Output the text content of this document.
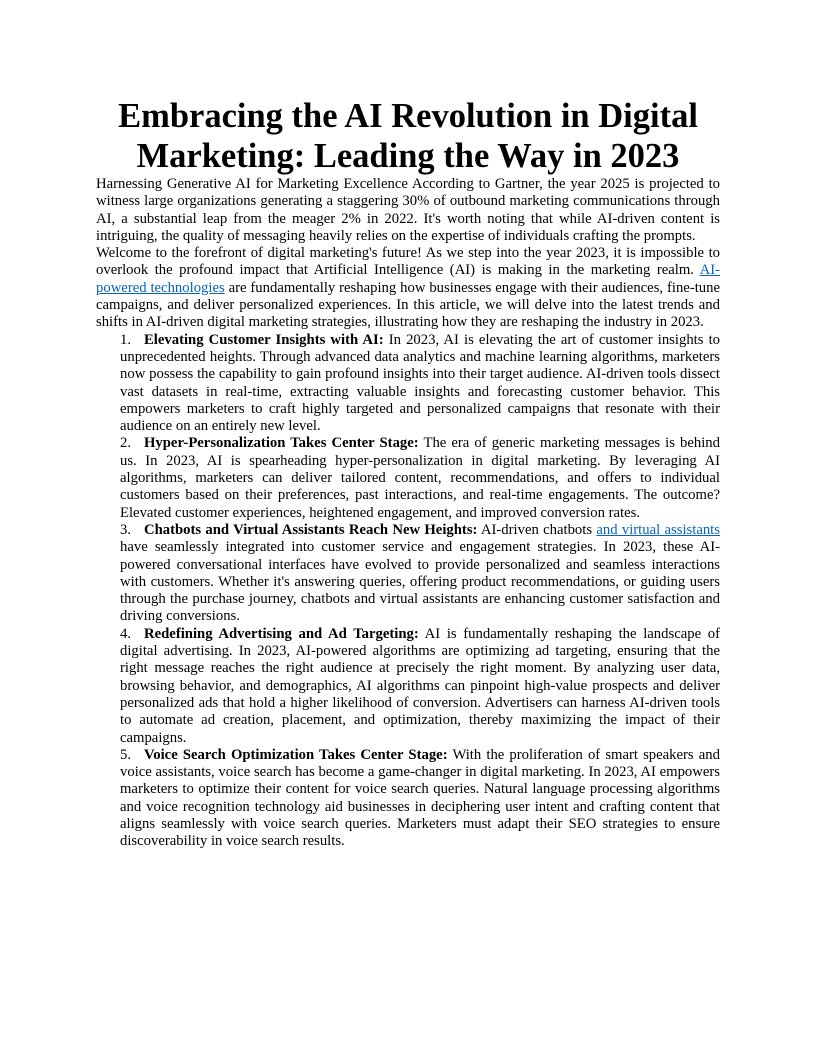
Embracing the AI Revolution in Digital Marketing: Leading the Way in 2023

Harnessing Generative AI for Marketing Excellence According to Gartner, the year 2025 is projected to witness large organizations generating a staggering 30% of outbound marketing communications through AI, a substantial leap from the meager 2% in 2022. It's worth noting that while AI-driven content is intriguing, the quality of messaging heavily relies on the expertise of individuals crafting the prompts.

Welcome to the forefront of digital marketing's future! As we step into the year 2023, it is impossible to overlook the profound impact that Artificial Intelligence (AI) is making in the marketing realm. AI-powered technologies are fundamentally reshaping how businesses engage with their audiences, fine-tune campaigns, and deliver personalized experiences. In this article, we will delve into the latest trends and shifts in AI-driven digital marketing strategies, illustrating how they are reshaping the industry in 2023.

1. Elevating Customer Insights with AI: In 2023, AI is elevating the art of customer insights to unprecedented heights. Through advanced data analytics and machine learning algorithms, marketers now possess the capability to gain profound insights into their target audience. AI-driven tools dissect vast datasets in real-time, extracting valuable insights and forecasting customer behavior. This empowers marketers to craft highly targeted and personalized campaigns that resonate with their audience on an entirely new level.
2. Hyper-Personalization Takes Center Stage: The era of generic marketing messages is behind us. In 2023, AI is spearheading hyper-personalization in digital marketing. By leveraging AI algorithms, marketers can deliver tailored content, recommendations, and offers to individual customers based on their preferences, past interactions, and real-time engagements. The outcome? Elevated customer experiences, heightened engagement, and improved conversion rates.
3. Chatbots and Virtual Assistants Reach New Heights: AI-driven chatbots and virtual assistants have seamlessly integrated into customer service and engagement strategies. In 2023, these AI-powered conversational interfaces have evolved to provide personalized and seamless interactions with customers. Whether it's answering queries, offering product recommendations, or guiding users through the purchase journey, chatbots and virtual assistants are enhancing customer satisfaction and driving conversions.
4. Redefining Advertising and Ad Targeting: AI is fundamentally reshaping the landscape of digital advertising. In 2023, AI-powered algorithms are optimizing ad targeting, ensuring that the right message reaches the right audience at precisely the right moment. By analyzing user data, browsing behavior, and demographics, AI algorithms can pinpoint high-value prospects and deliver personalized ads that hold a higher likelihood of conversion. Advertisers can harness AI-driven tools to automate ad creation, placement, and optimization, thereby maximizing the impact of their campaigns.
5. Voice Search Optimization Takes Center Stage: With the proliferation of smart speakers and voice assistants, voice search has become a game-changer in digital marketing. In 2023, AI empowers marketers to optimize their content for voice search queries. Natural language processing algorithms and voice recognition technology aid businesses in deciphering user intent and crafting content that aligns seamlessly with voice search queries. Marketers must adapt their SEO strategies to ensure discoverability in voice search results.
